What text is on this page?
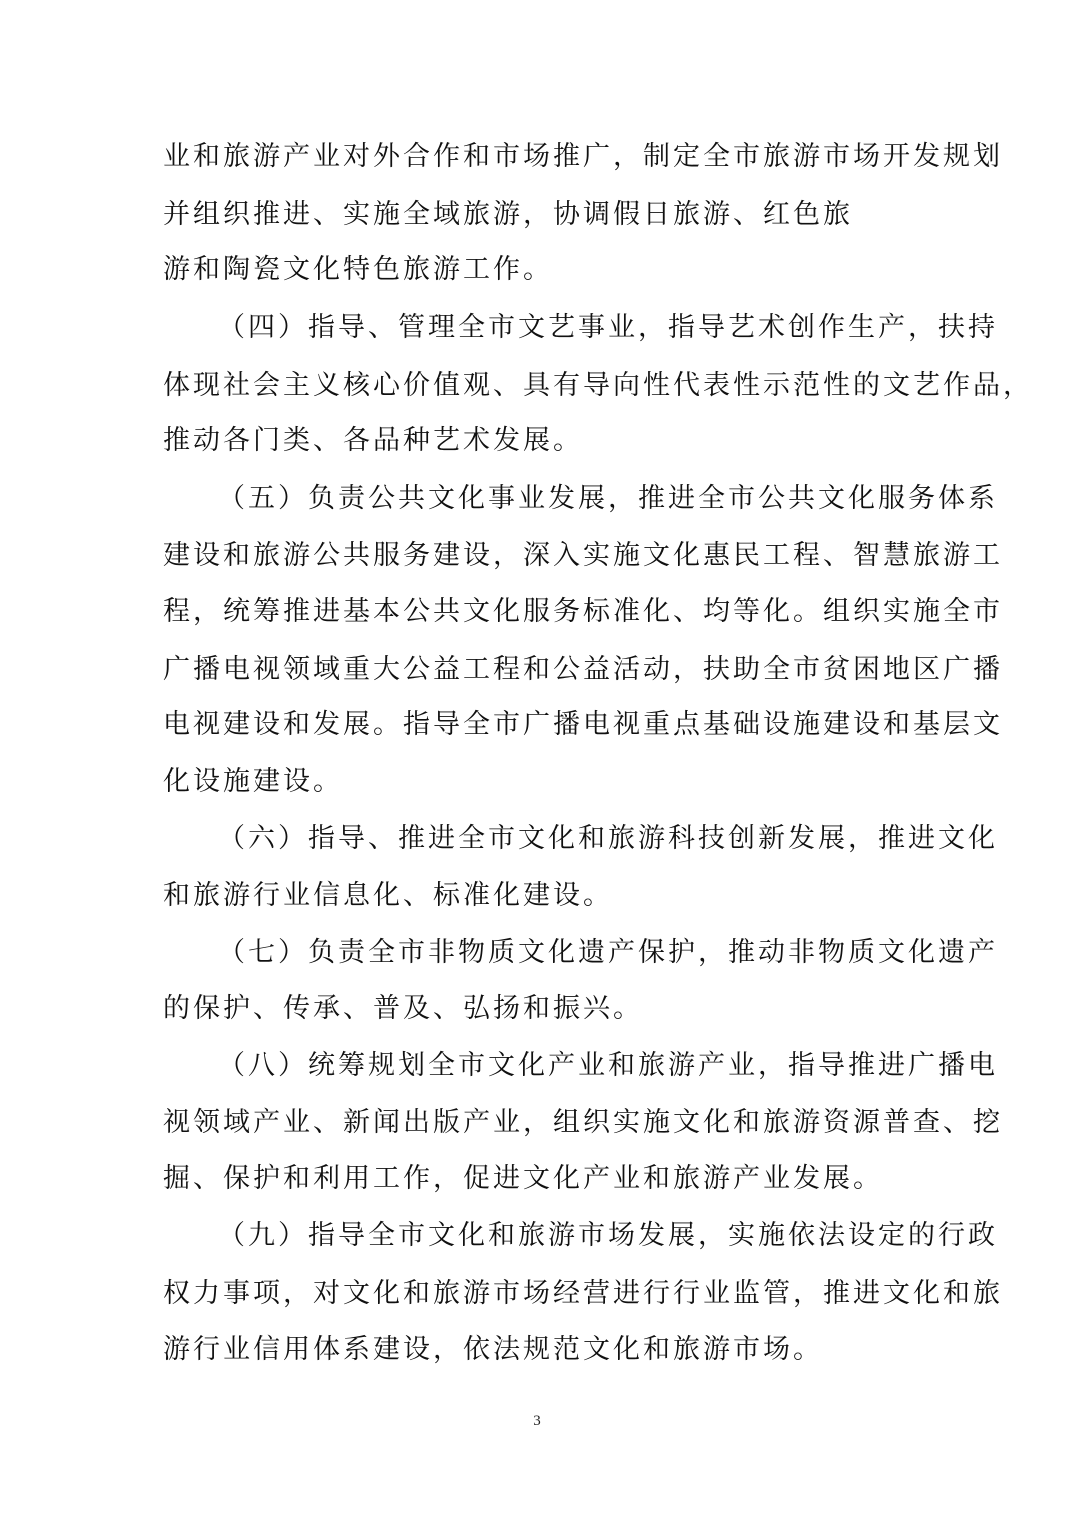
业和旅游产业对外合作和市场推广，制定全市旅游市场开发规划
并组织推进、实施全域旅游，协调假日旅游、红色旅
游和陶瓷文化特色旅游工作。
（四）指导、管理全市文艺事业，指导艺术创作生产，扶持
体现社会主义核心价值观、具有导向性代表性示范性的文艺作品，
推动各门类、各品种艺术发展。
（五）负责公共文化事业发展，推进全市公共文化服务体系
建设和旅游公共服务建设，深入实施文化惠民工程、智慧旅游工
程，统筹推进基本公共文化服务标准化、均等化。组织实施全市
广播电视领域重大公益工程和公益活动，扶助全市贫困地区广播
电视建设和发展。指导全市广播电视重点基础设施建设和基层文
化设施建设。
（六）指导、推进全市文化和旅游科技创新发展，推进文化
和旅游行业信息化、标准化建设。
（七）负责全市非物质文化遗产保护，推动非物质文化遗产
的保护、传承、普及、弘扬和振兴。
（八）统筹规划全市文化产业和旅游产业，指导推进广播电
视领域产业、新闻出版产业，组织实施文化和旅游资源普查、挖
掘、保护和利用工作，促进文化产业和旅游产业发展。
（九）指导全市文化和旅游市场发展，实施依法设定的行政
权力事项，对文化和旅游市场经营进行行业监管，推进文化和旅
游行业信用体系建设，依法规范文化和旅游市场。
3
